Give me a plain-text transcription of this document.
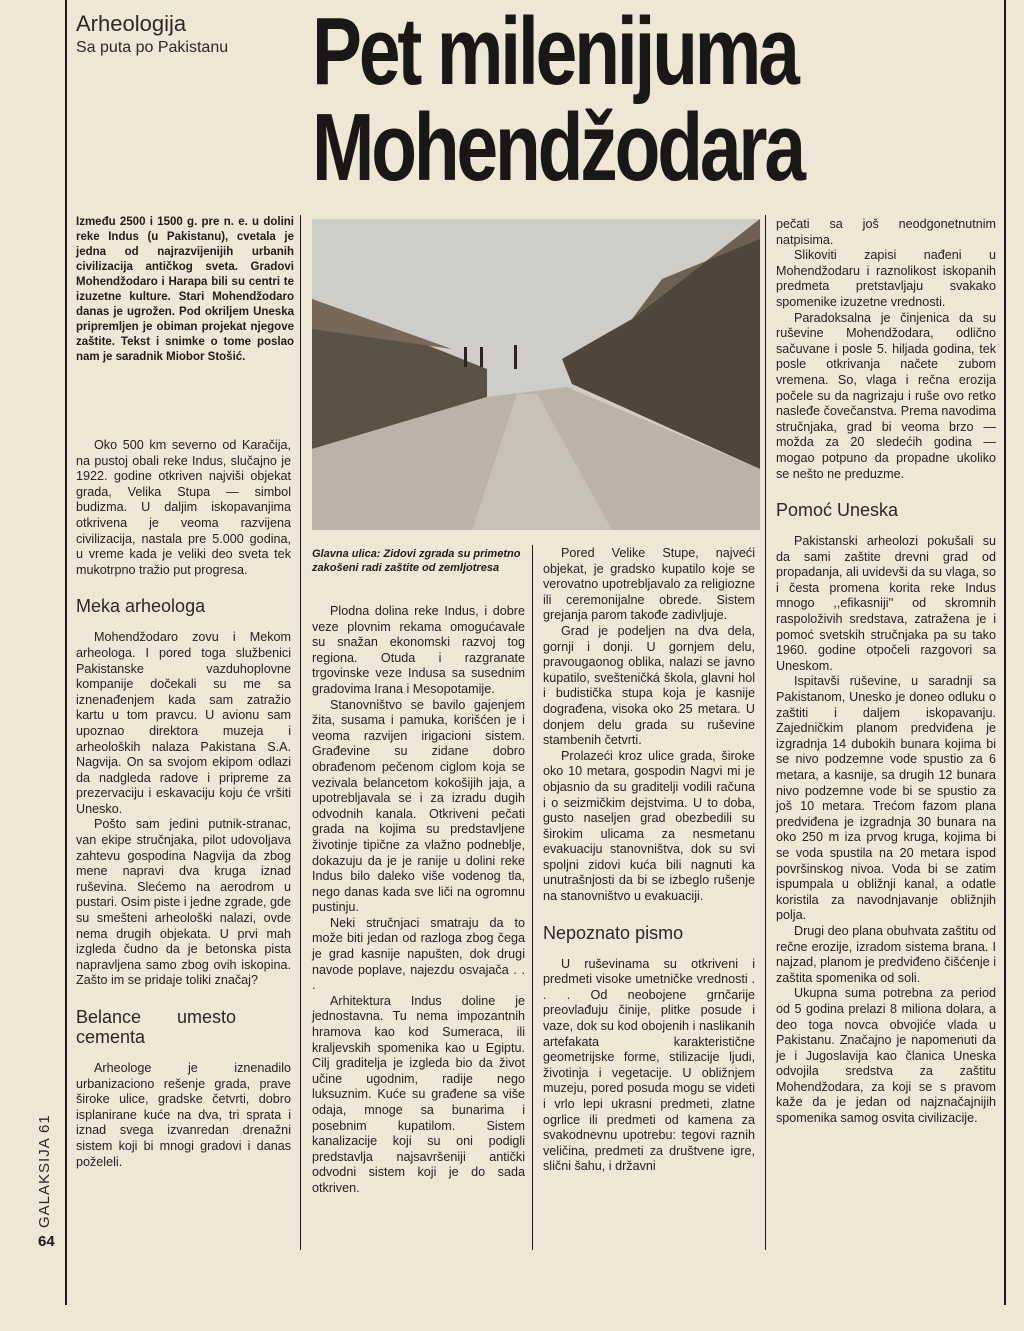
Arheologija
Sa puta po Pakistanu Pet milenijuma
Mohendžodara
Između 2500 i 1500 g. pre n. e. u dolini reke Indus (u Pakistanu), cvetala je jedna od najrazvijenijih urbanih civilizacija antičkog sveta. Gradovi Mohendžodaro i Harapa bili su centri te izuzetne kulture. Stari Mohendžodaro danas je ugrožen. Pod okriljem Uneska pripremljen je obiman projekat njegove zaštite. Tekst i snimke o tome poslao nam je saradnik Miobor Stošić.

Oko 500 km severno od Karačija, na pustoj obali reke Indus, slučajno je 1922. godine otkriven najviši objekat grada, Velika Stupa — simbol budizma. U daljim iskopavanjima otkrivena je veoma razvijena civilizacija, nastala pre 5.000 godina, u vreme kada je veliki deo sveta tek mukotrpno tražio put progresa.

Meka arheologa

Mohendžodaro zovu i Mekom arheologa. I pored toga službenici Pakistanske vazduhoplovne kompanije dočekali su me sa iznenađenjem kada sam zatražio kartu u tom pravcu. U avionu sam upoznao direktora muzeja i arheoloških nalaza Pakistana S.A. Nagvija. On sa svojom ekipom odlazi da nadgleda radove i pripreme za prezervaciju i eskavaciju koju će vršiti Unesko.

Pošto sam jedini putnik-stranac, van ekipe stručnjaka, pilot udovoljava zahtevu gospodina Nagvija da zbog mene napravi dva kruga iznad ruševina. Slećemo na aerodrom u pustari. Osim piste i jedne zgrade, gde su smešteni arheološki nalazi, ovde nema drugih objekata. U prvi mah izgleda čudno da je betonska pista napravljena samo zbog ovih iskopina. Zašto im se pridaje toliki značaj?

Belance umesto cementa

Arheologe je iznenadilo urbanizaciono rešenje grada, prave široke ulice, gradske četvrti, dobro isplanirane kuće na dva, tri sprata i iznad svega izvanredan drenažni sistem koji bi mnogi gradovi i danas poželeli.

Glavna ulica: Zidovi zgrada su primetno zakošeni radi zaštite od zemljotresa

Plodna dolina reke Indus, i dobre veze plovnim rekama omogućavale su snažan ekonomski razvoj tog regiona. Otuda i razgranate trgovinske veze Indusa sa susednim gradovima Irana i Mesopotamije.

Stanovništvo se bavilo gajenjem žita, susama i pamuka, korišćen je i veoma razvijen irigacioni sistem. Građevine su zidane dobro obrađenom pečenom ciglom koja se vezivala belancetom kokošijih jaja, a upotrebljavala se i za izradu dugih odvodnih kanala. Otkriveni pečati grada na kojima su predstavljene životinje tipične za vlažno podneblje, dokazuju da je je ranije u dolini reke Indus bilo daleko više vodenog tla, nego danas kada sve liči na ogromnu pustinju.

Neki stručnjaci smatraju da to može biti jedan od razloga zbog čega je grad kasnije napušten, dok drugi navode poplave, najezdu osvajača . . .

Arhitektura Indus doline je jednostavna. Tu nema impozantnih hramova kao kod Sumeraca, ili kraljevskih spomenika kao u Egiptu. Cilj graditelja je izgleda bio da život učine ugodnim, radije nego luksuznim. Kuće su građene sa više odaja, mnoge sa bunarima i posebnim kupatilom. Sistem kanalizacije koji su oni podigli predstavlja najsavršeniji antički odvodni sistem koji je do sada otkriven.

Pored Velike Stupe, najveći objekat, je gradsko kupatilo koje se verovatno upotrebljavalo za religiozne ili ceremonijalne obrede. Sistem grejanja parom takođe zadivljuje.

Grad je podeljen na dva dela, gornji i donji. U gornjem delu, pravougaonog oblika, nalazi se javno kupatilo, svešteničká škola, glavni hol i budistička stupa koja je kasnije dograđena, visoka oko 25 metara. U donjem delu grada su ruševine stambenih četvrti.

Prolazeći kroz ulice grada, široke oko 10 metara, gospodin Nagvi mi je objasnio da su graditelji vodili računa i o seizmičkim dejstvima. U to doba, gusto naseljen grad obezbedili su širokim ulicama za nesmetanu evakuaciju stanovništva, dok su svi spoljni zidovi kuća bili nagnuti ka unutrašnjosti da bi se izbeglo rušenje na stanovništvo u evakuaciji.

Nepoznato pismo

U ruševinama su otkriveni i predmeti visoke umetničke vrednosti . . . Od neobojene grnčarije preovlađuju činije, plitke posude i vaze, dok su kod obojenih i naslikanih artefakata karakteristične geometrijske forme, stilizacije ljudi, životinja i vegetacije. U obližnjem muzeju, pored posuda mogu se videti i vrlo lepi ukrasni predmeti, zlatne ogrlice ili predmeti od kamena za svakodnevnu upotrebu: tegovi raznih veličina, predmeti za društvene igre, slični šahu, i državni

pečati sa još neodgonetnutnim natpisima.

Slikoviti zapisi nađeni u Mohendžodaru i raznolikost iskopanih predmeta pretstavljaju svakako spomenike izuzetne vrednosti.

Paradoksalna je činjenica da su ruševine Mohendžodara, odlično sačuvane i posle 5. hiljada godina, tek posle otkrivanja načete zubom vremena. So, vlaga i rečna erozija počele su da nagrizaju i ruše ovo retko nasleđe čovečanstva. Prema navodima stručnjaka, grad bi veoma brzo — možda za 20 sledećih godina — mogao potpuno da propadne ukoliko se nešto ne preduzme.

Pomoć Uneska

Pakistanski arheolozi pokušali su da sami zaštite drevni grad od propadanja, ali uvidevši da su vlaga, so i česta promena korita reke Indus mnogo ,,efikasniji'' od skromnih raspoloživih sredstava, zatražena je i pomoć svetskih stručnjaka pa su tako 1960. godine otpočeli razgovori sa Uneskom.

Ispitavši ruševine, u saradnji sa Pakistanom, Unesko je doneo odluku o zaštiti i daljem iskopavanju. Zajedničkim planom predviđena je izgradnja 14 dubokih bunara kojima bi se nivo podzemne vode spustio za 6 metara, a kasnije, sa drugih 12 bunara nivo podzemne vode bi se spustio za još 10 metara. Trećom fazom plana predviđena je izgradnja 30 bunara na oko 250 m iza prvog kruga, kojima bi se voda spustila na 20 metara ispod površinskog nivoa. Voda bi se zatim ispumpala u obližnji kanal, a odatle koristila za navodnjavanje obližnjih polja.

Drugi deo plana obuhvata zaštitu od rečne erozije, izradom sistema brana. I najzad, planom je predviđeno čišćenje i zaštita spomenika od soli.

Ukupna suma potrebna za period od 5 godina prelazi 8 miliona dolara, a deo toga novca obvojiće vlada u Pakistanu. Značajno je napomenuti da je i Jugoslavija kao članica Uneska odvojila sredstva za zaštitu Mohendžodara, za koji se s pravom kaže da je jedan od najznačajnijih spomenika samog osvita civilizacije.

GALAKSIJA 61
64
